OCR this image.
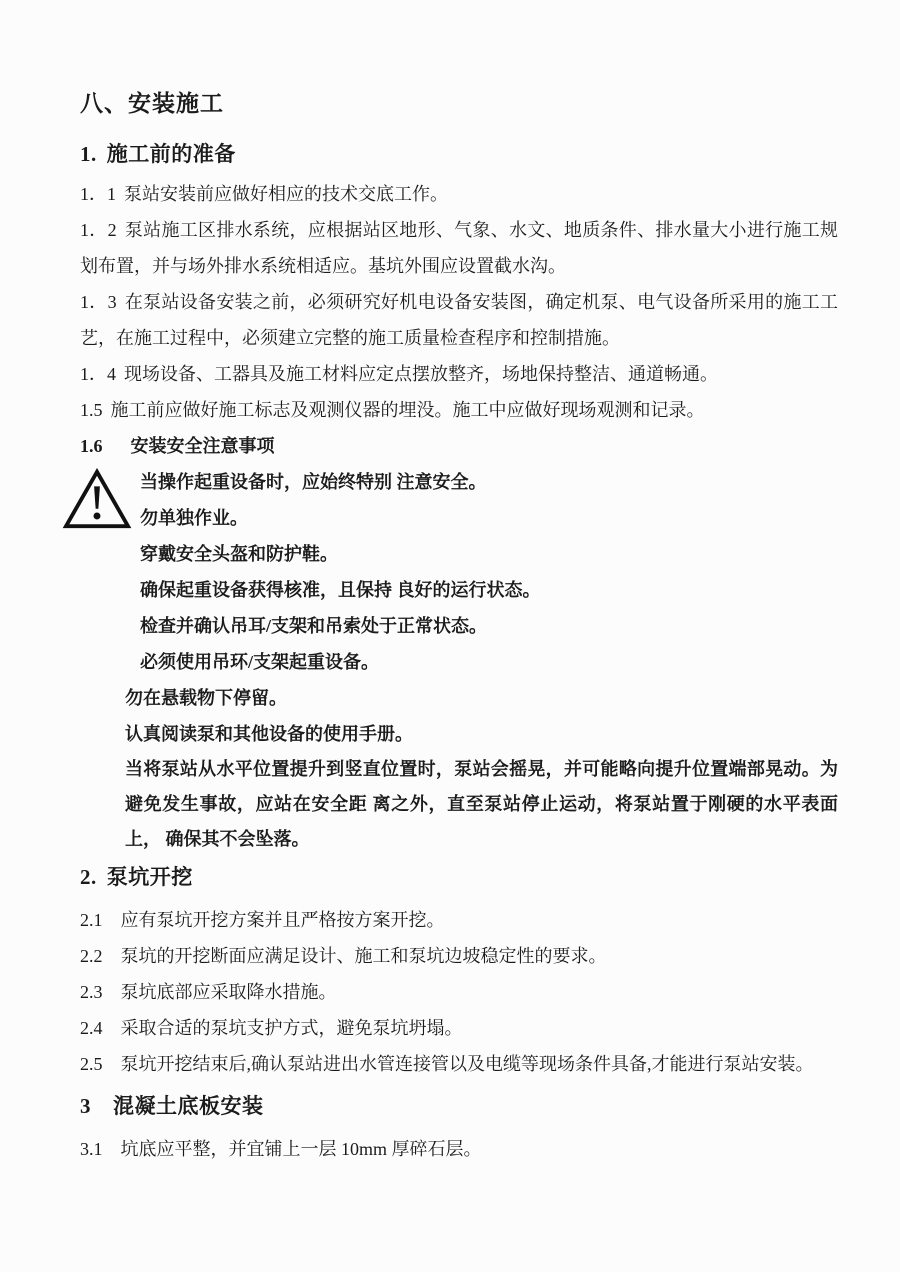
八、安装施工
1. 施工前的准备

1．1 泵站安装前应做好相应的技术交底工作。

1．2 泵站施工区排水系统，应根据站区地形、气象、水文、地质条件、排水量大小进行施工规划布置，并与场外排水系统相适应。基坑外围应设置截水沟。

1．3 在泵站设备安装之前，必须研究好机电设备安装图，确定机泵、电气设备所采用的施工工艺，在施工过程中，必须建立完整的施工质量检查程序和控制措施。

1．4 现场设备、工器具及施工材料应定点摆放整齐，场地保持整洁、通道畅通。

1.5 施工前应做好施工标志及观测仪器的埋没。施工中应做好现场观测和记录。

1.6 安装安全注意事项
当操作起重设备时，应始终特别 注意安全。
勿单独作业。
穿戴安全头盔和防护鞋。
确保起重设备获得核准，且保持 良好的运行状态。
检查并确认吊耳/支架和吊索处于正常状态。
必须使用吊环/支架起重设备。
勿在悬载物下停留。
认真阅读泵和其他设备的使用手册。
当将泵站从水平位置提升到竖直位置时，泵站会摇晃，并可能略向提升位置端部晃动。为避免发生事故，应站在安全距 离之外，直至泵站停止运动，将泵站置于刚硬的水平表面上， 确保其不会坠落。
2. 泵坑开挖

2.1 应有泵坑开挖方案并且严格按方案开挖。

2.2 泵坑的开挖断面应满足设计、施工和泵坑边坡稳定性的要求。

2.3 泵坑底部应采取降水措施。

2.4 采取合适的泵坑支护方式，避免泵坑坍塌。

2.5 泵坑开挖结束后,确认泵站进出水管连接管以及电缆等现场条件具备,才能进行泵站安装。

3 混凝土底板安装

3.1 坑底应平整，并宜铺上一层 10mm 厚碎石层。
